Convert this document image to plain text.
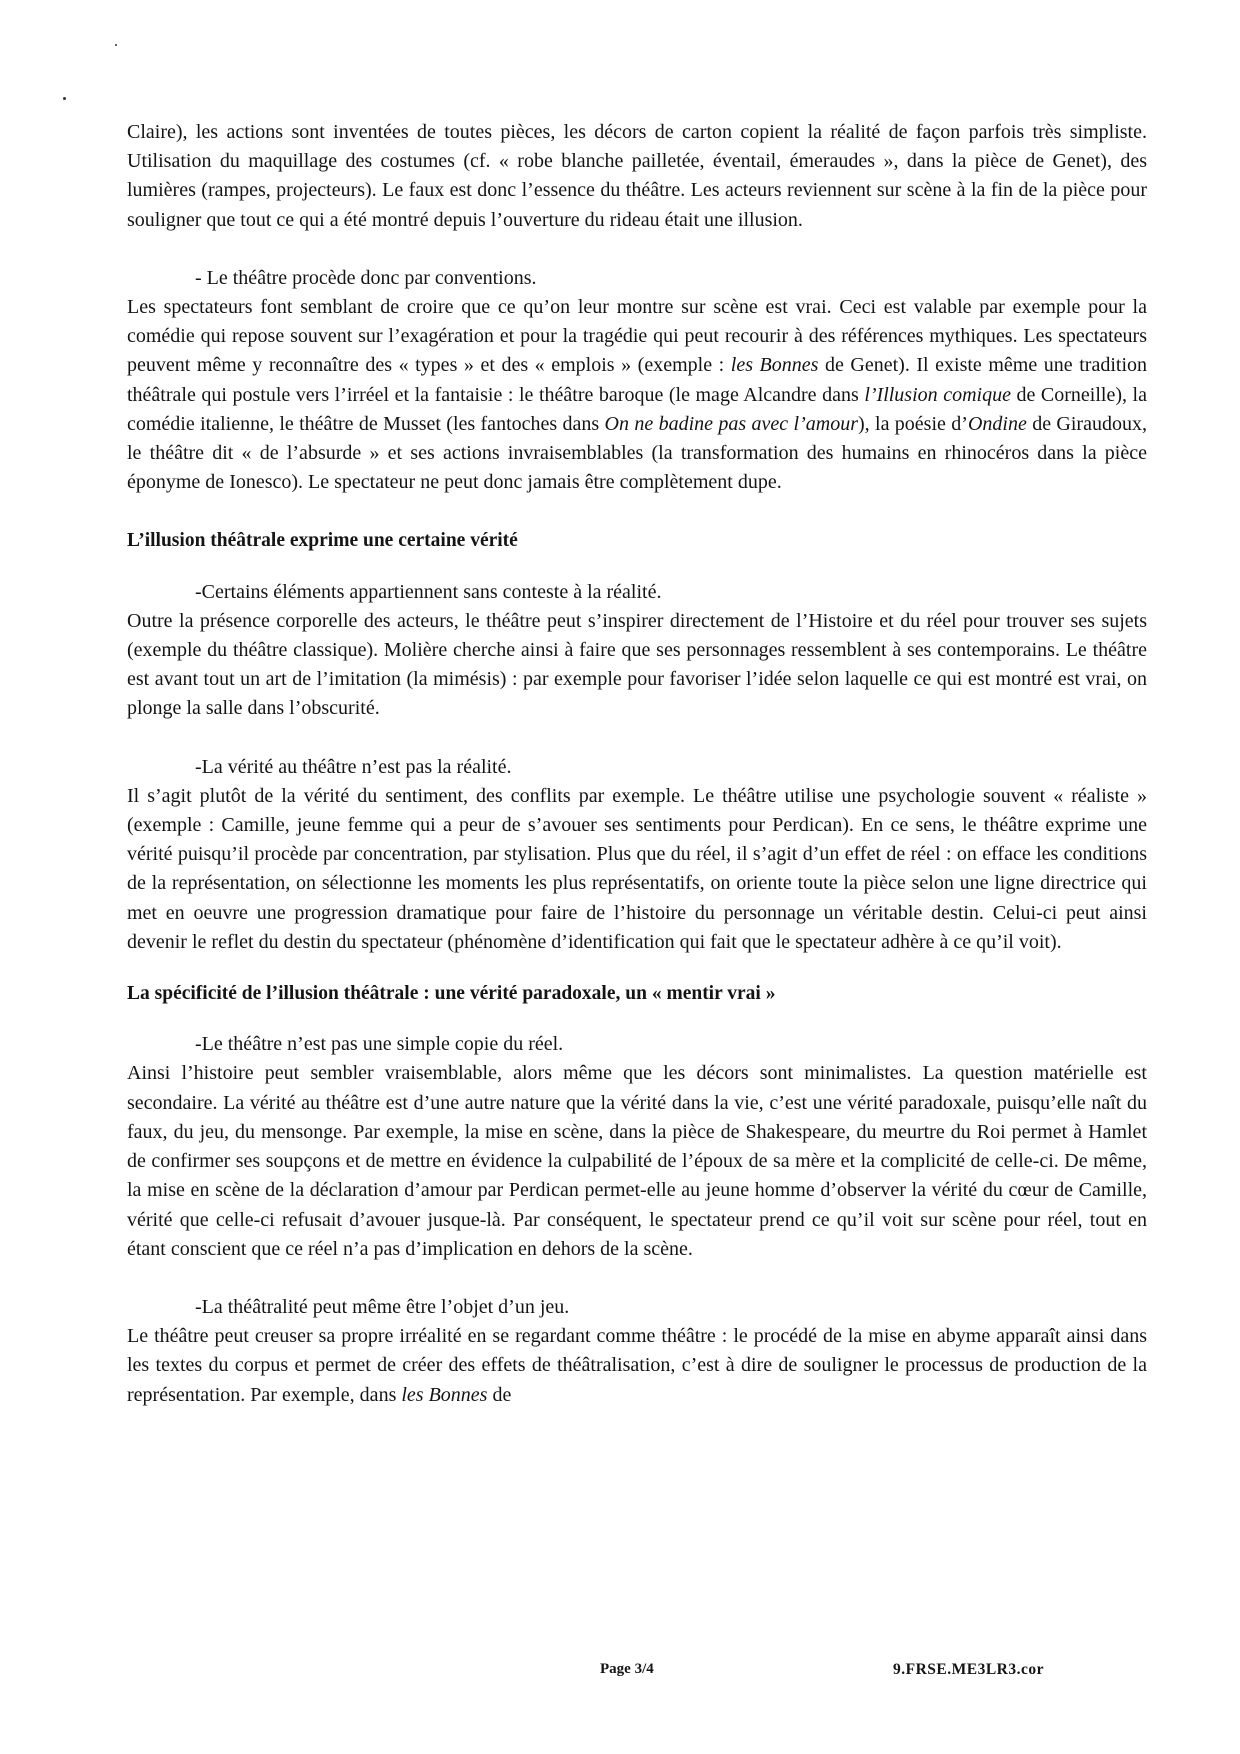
Claire), les actions sont inventées de toutes pièces, les décors de carton copient la réalité de façon parfois très simpliste. Utilisation du maquillage des costumes (cf. « robe blanche pailletée, éventail, émeraudes », dans la pièce de Genet), des lumières (rampes, projecteurs). Le faux est donc l’essence du théâtre. Les acteurs reviennent sur scène à la fin de la pièce pour souligner que tout ce qui a été montré depuis l’ouverture du rideau était une illusion.

- Le théâtre procède donc par conventions.

Les spectateurs font semblant de croire que ce qu’on leur montre sur scène est vrai. Ceci est valable par exemple pour la comédie qui repose souvent sur l’exagération et pour la tragédie qui peut recourir à des références mythiques. Les spectateurs peuvent même y reconnaître des « types » et des « emplois » (exemple : les Bonnes de Genet). Il existe même une tradition théâtrale qui postule vers l’irréel et la fantaisie : le théâtre baroque (le mage Alcandre dans l’Illusion comique de Corneille), la comédie italienne, le théâtre de Musset (les fantoches dans On ne badine pas avec l’amour), la poésie d’Ondine de Giraudoux, le théâtre dit « de l’absurde » et ses actions invraisemblables (la transformation des humains en rhinocéros dans la pièce éponyme de Ionesco). Le spectateur ne peut donc jamais être complètement dupe.

L’illusion théâtrale exprime une certaine vérité

-Certains éléments appartiennent sans conteste à la réalité.

Outre la présence corporelle des acteurs, le théâtre peut s’inspirer directement de l’Histoire et du réel pour trouver ses sujets (exemple du théâtre classique). Molière cherche ainsi à faire que ses personnages ressemblent à ses contemporains. Le théâtre est avant tout un art de l’imitation (la mimésis) : par exemple pour favoriser l’idée selon laquelle ce qui est montré est vrai, on plonge la salle dans l’obscurité.

-La vérité au théâtre n’est pas la réalité.

Il s’agit plutôt de la vérité du sentiment, des conflits par exemple. Le théâtre utilise une psychologie souvent « réaliste » (exemple : Camille, jeune femme qui a peur de s’avouer ses sentiments pour Perdican). En ce sens, le théâtre exprime une vérité puisqu’il procède par concentration, par stylisation. Plus que du réel, il s’agit d’un effet de réel : on efface les conditions de la représentation, on sélectionne les moments les plus représentatifs, on oriente toute la pièce selon une ligne directrice qui met en oeuvre une progression dramatique pour faire de l’histoire du personnage un véritable destin. Celui-ci peut ainsi devenir le reflet du destin du spectateur (phénomène d’identification qui fait que le spectateur adhère à ce qu’il voit).

La spécificité de l’illusion théâtrale : une vérité paradoxale, un « mentir vrai »

-Le théâtre n’est pas une simple copie du réel.

Ainsi l’histoire peut sembler vraisemblable, alors même que les décors sont minimalistes. La question matérielle est secondaire. La vérité au théâtre est d’une autre nature que la vérité dans la vie, c’est une vérité paradoxale, puisqu’elle naît du faux, du jeu, du mensonge. Par exemple, la mise en scène, dans la pièce de Shakespeare, du meurtre du Roi permet à Hamlet de confirmer ses soupçons et de mettre en évidence la culpabilité de l’époux de sa mère et la complicité de celle-ci. De même, la mise en scène de la déclaration d’amour par Perdican permet-elle au jeune homme d’observer la vérité du cœur de Camille, vérité que celle-ci refusait d’avouer jusque-là. Par conséquent, le spectateur prend ce qu’il voit sur scène pour réel, tout en étant conscient que ce réel n’a pas d’implication en dehors de la scène.

-La théâtralité peut même être l’objet d’un jeu.

Le théâtre peut creuser sa propre irréalité en se regardant comme théâtre : le procédé de la mise en abyme apparaît ainsi dans les textes du corpus et permet de créer des effets de théâtralisation, c’est à dire de souligner le processus de production de la représentation. Par exemple, dans les Bonnes de

Page 3/4	9.FRSE.ME3LR3.cor
